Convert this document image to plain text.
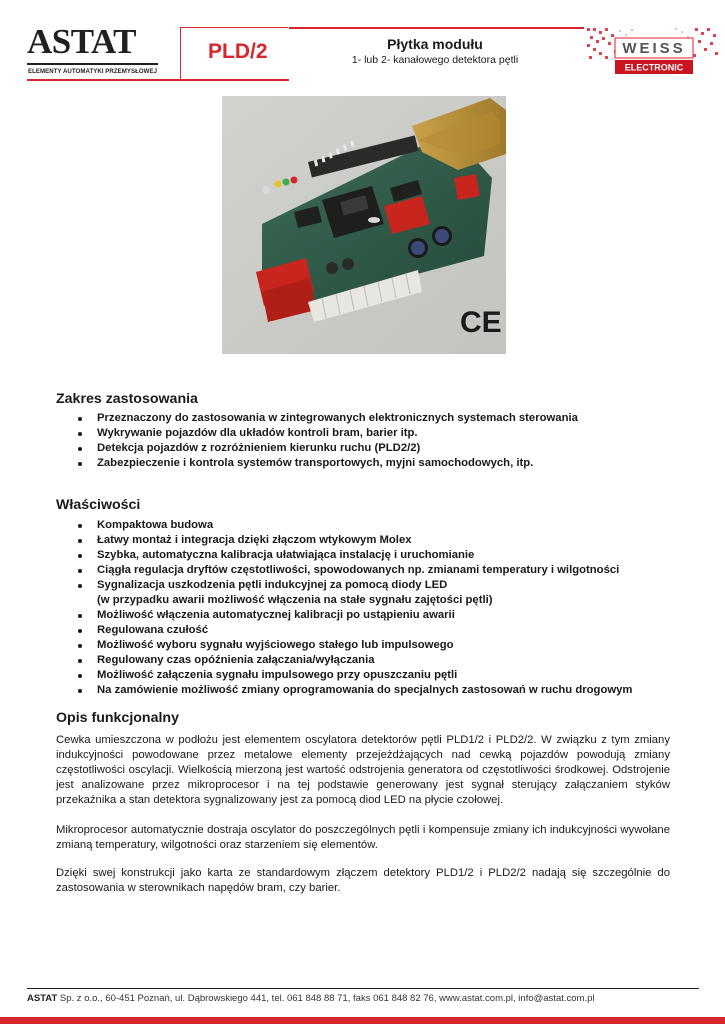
ASTAT
ELEMENTY AUTOMATYKI PRZEMYSŁOWEJ
PLD/2	Płytka modułu
1- lub 2- kanałowego detektora pętli
WEISS
ELECTRONIC
CE
Zakres zastosowania
Przeznaczony do zastosowania w zintegrowanych elektronicznych systemach sterowania
Wykrywanie pojazdów dla układów kontroli bram, barier itp.
Detekcja pojazdów z rozróżnieniem kierunku ruchu (PLD2/2)
Zabezpieczenie i kontrola systemów transportowych, myjni samochodowych, itp.
Właściwości
Kompaktowa budowa
Łatwy montaż i integracja dzięki złączom wtykowym Molex
Szybka, automatyczna kalibracja ułatwiająca instalację i uruchomianie
Ciągła regulacja dryftów częstotliwości, spowodowanych np. zmianami temperatury i wilgotności
Sygnalizacja uszkodzenia pętli indukcyjnej za pomocą diody LED
(w przypadku awarii możliwość włączenia na stałe sygnału zajętości pętli)
Możliwość włączenia automatycznej kalibracji po ustąpieniu awarii
Regulowana czułość
Możliwość wyboru sygnału wyjściowego stałego lub impulsowego
Regulowany czas opóźnienia załączania/wyłączania
Możliwość załączenia sygnału impulsowego przy opuszczaniu pętli
Na zamówienie możliwość zmiany oprogramowania do specjalnych zastosowań w ruchu drogowym
Opis funkcjonalny

Cewka umieszczona w podłożu jest elementem oscylatora detektorów pętli PLD1/2 i PLD2/2. W związku z tym zmiany indukcyjności powodowane przez metalowe elementy przejeżdżających nad cewką pojazdów powodują zmiany częstotliwości oscylacji. Wielkością mierzoną jest wartość odstrojenia generatora od częstotliwości środkowej. Odstrojenie jest analizowane przez mikroprocesor i na tej podstawie generowany jest sygnał sterujący załączaniem styków przekaźnika a stan detektora sygnalizowany jest za pomocą diod LED na płycie czołowej.

Mikroprocesor automatycznie dostraja oscylator do poszczególnych pętli i kompensuje zmiany ich indukcyjności wywołane zmianą temperatury, wilgotności oraz starzeniem się elementów.

Dzięki swej konstrukcji jako karta ze standardowym złączem detektory PLD1/2 i PLD2/2 nadają się szczególnie do zastosowania w sterownikach napędów bram, czy barier.

ASTAT Sp. z o.o., 60-451 Poznań, ul. Dąbrowskiego 441, tel. 061 848 88 71, faks 061 848 82 76, www.astat.com.pl, info@astat.com.pl
